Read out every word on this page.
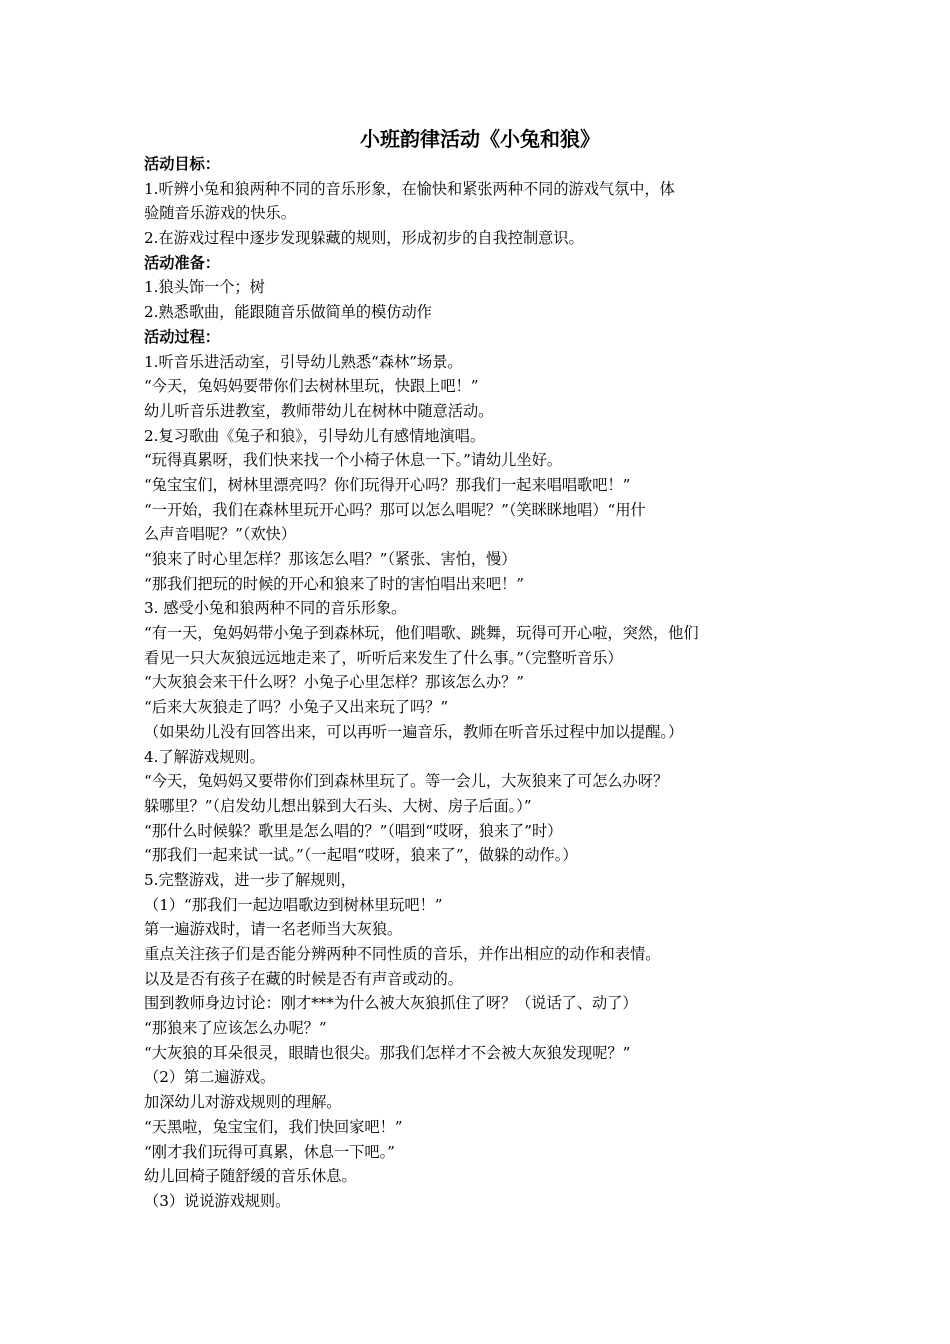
小班韵律活动《小兔和狼》
活动目标：
1.听辨小兔和狼两种不同的音乐形象，在愉快和紧张两种不同的游戏气氛中，体
验随音乐游戏的快乐。
2.在游戏过程中逐步发现躲藏的规则，形成初步的自我控制意识。
活动准备：
1.狼头饰一个；树
2.熟悉歌曲，能跟随音乐做简单的模仿动作
活动过程：
1.听音乐进活动室，引导幼儿熟悉“森林”场景。
“今天，兔妈妈要带你们去树林里玩，快跟上吧！”
幼儿听音乐进教室，教师带幼儿在树林中随意活动。
2.复习歌曲《兔子和狼》，引导幼儿有感情地演唱。
“玩得真累呀，我们快来找一个小椅子休息一下。”请幼儿坐好。
“兔宝宝们，树林里漂亮吗？你们玩得开心吗？那我们一起来唱唱歌吧！”
“一开始，我们在森林里玩开心吗？那可以怎么唱呢？”（笑眯眯地唱）“用什
么声音唱呢？”（欢快）
“狼来了时心里怎样？那该怎么唱？”（紧张、害怕，慢）
“那我们把玩的时候的开心和狼来了时的害怕唱出来吧！”
3. 感受小兔和狼两种不同的音乐形象。
“有一天，兔妈妈带小兔子到森林玩，他们唱歌、跳舞，玩得可开心啦，突然，他们
看见一只大灰狼远远地走来了，听听后来发生了什么事。”（完整听音乐）
“大灰狼会来干什么呀？小兔子心里怎样？那该怎么办？”
“后来大灰狼走了吗？小兔子又出来玩了吗？”
（如果幼儿没有回答出来，可以再听一遍音乐，教师在听音乐过程中加以提醒。）
4.了解游戏规则。
“今天，兔妈妈又要带你们到森林里玩了。等一会儿，大灰狼来了可怎么办呀？
躲哪里？”（启发幼儿想出躲到大石头、大树、房子后面。）”
“那什么时候躲？歌里是怎么唱的？”（唱到“哎呀，狼来了”时）
“那我们一起来试一试。”（一起唱“哎呀，狼来了”，做躲的动作。）
5.完整游戏，进一步了解规则，
（1）“那我们一起边唱歌边到树林里玩吧！”
第一遍游戏时，请一名老师当大灰狼。
重点关注孩子们是否能分辨两种不同性质的音乐，并作出相应的动作和表情。
以及是否有孩子在藏的时候是否有声音或动的。
围到教师身边讨论：刚才***为什么被大灰狼抓住了呀？（说话了、动了）
“那狼来了应该怎么办呢？”
“大灰狼的耳朵很灵，眼睛也很尖。那我们怎样才不会被大灰狼发现呢？”
（2）第二遍游戏。
加深幼儿对游戏规则的理解。
“天黑啦，兔宝宝们，我们快回家吧！”
“刚才我们玩得可真累，休息一下吧。”
幼儿回椅子随舒缓的音乐休息。
（3）说说游戏规则。
